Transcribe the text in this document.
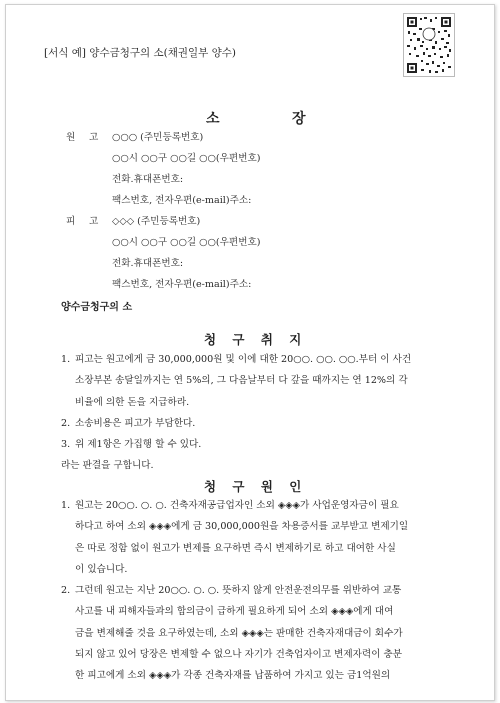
[서식 예] 양수금청구의 소(채권일부 양수)
소	장
원 고 ○○○ (주민등록번호)
○○시 ○○구 ○○길 ○○(우편번호)
전화.휴대폰번호:
팩스번호, 전자우편(e-mail)주소:
피 고 ◇◇◇ (주민등록번호)
○○시 ○○구 ○○길 ○○(우편번호)
전화.휴대폰번호:
팩스번호, 전자우편(e-mail)주소:
양수금청구의 소
청 구 취 지
1. 피고는 원고에게 금 30,000,000원 및 이에 대한 20○○. ○○. ○○.부터 이 사건
소장부본 송달일까지는 연 5%의, 그 다음날부터 다 갚을 때까지는 연 12%의 각
비율에 의한 돈을 지급하라.
2. 소송비용은 피고가 부담한다.
3. 위 제1항은 가집행 할 수 있다.
라는 판결을 구합니다.
청 구 원 인
1. 원고는 20○○. ○. ○. 건축자재공급업자인 소외 ◈◈◈가 사업운영자금이 필요
하다고 하여 소외 ◈◈◈에게 금 30,000,000원을 차용증서를 교부받고 변제기일
은 따로 정함 없이 원고가 변제를 요구하면 즉시 변제하기로 하고 대여한 사실
이 있습니다.
2. 그런데 원고는 지난 20○○. ○. ○. 뜻하지 않게 안전운전의무를 위반하여 교통
사고를 내 피해자들과의 합의금이 급하게 필요하게 되어 소외 ◈◈◈에게 대여
금을 변제해줄 것을 요구하였는데, 소외 ◈◈◈는 판매한 건축자재대금이 회수가
되지 않고 있어 당장은 변제할 수 없으나 자기가 건축업자이고 변제자력이 충분
한 피고에게 소외 ◈◈◈가 각종 건축자재를 납품하여 가지고 있는 금1억원의
